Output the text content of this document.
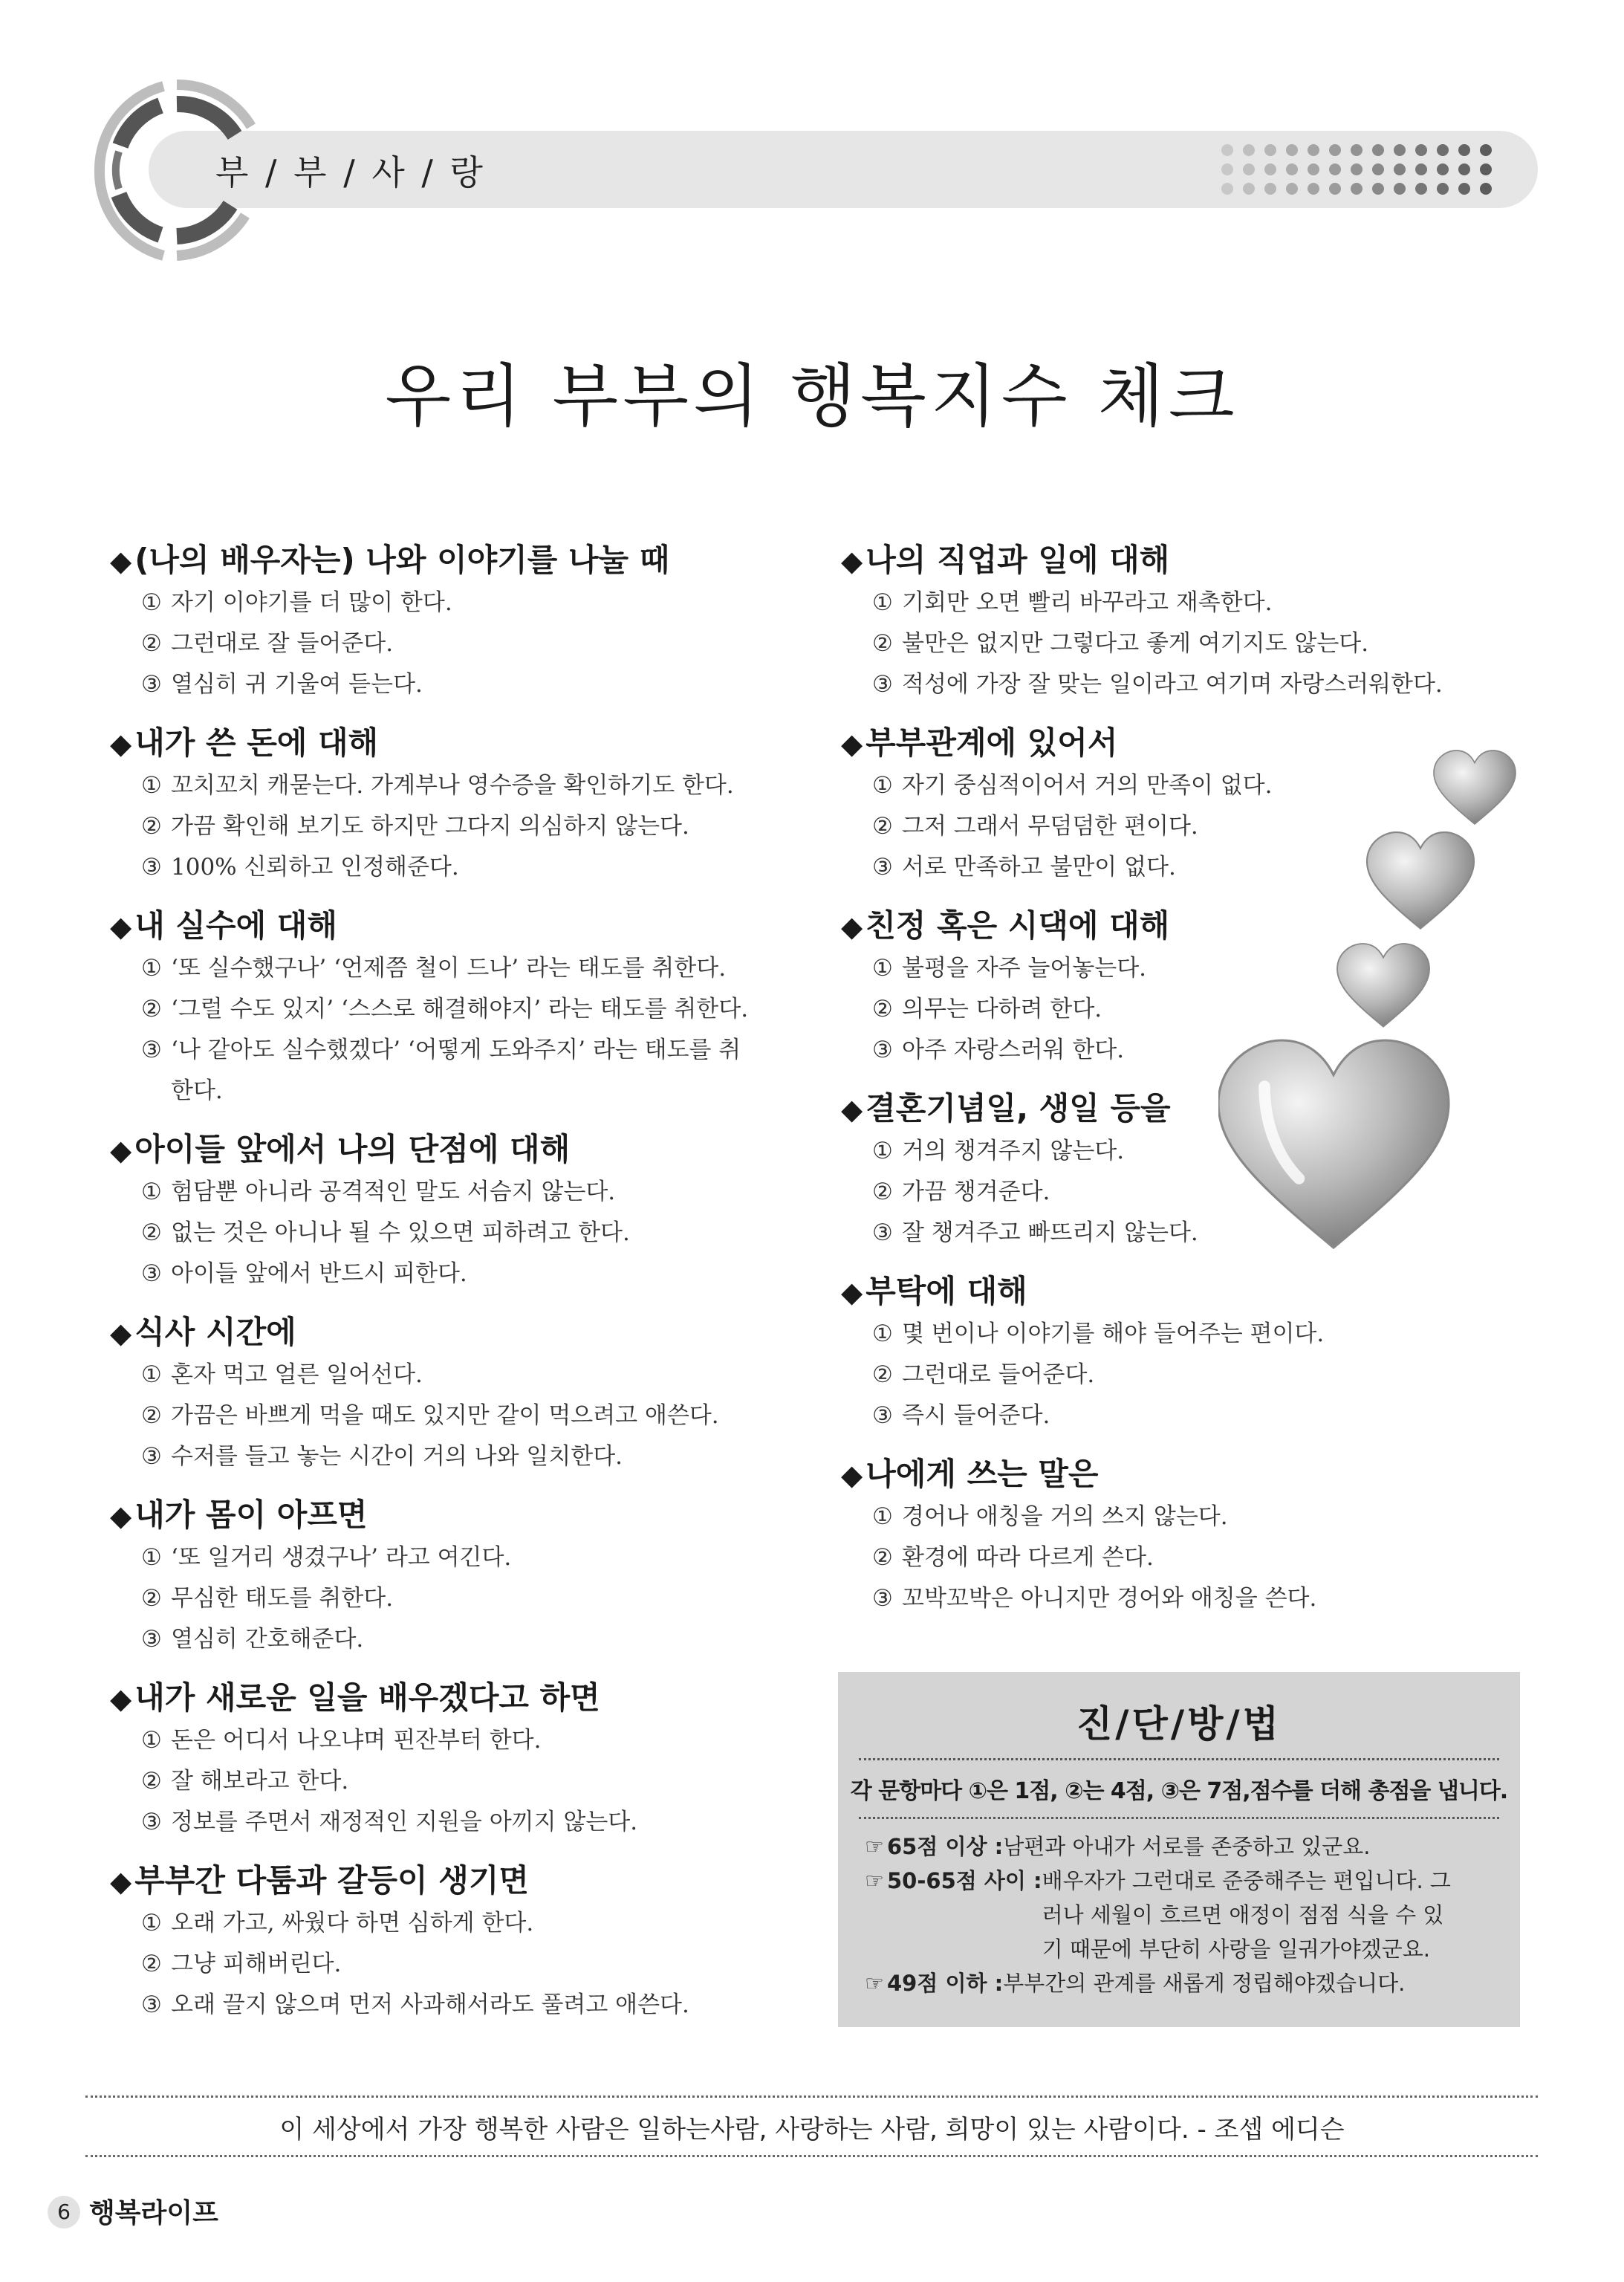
부 / 부 / 사 / 랑
우리 부부의 행복지수 체크
◆ (나의 배우자는) 나와 이야기를 나눌 때
① 자기 이야기를 더 많이 한다.
② 그런대로 잘 들어준다.
③ 열심히 귀 기울여 듣는다.
◆ 내가 쓴 돈에 대해
① 꼬치꼬치 캐묻는다. 가계부나 영수증을 확인하기도 한다.
② 가끔 확인해 보기도 하지만 그다지 의심하지 않는다.
③ 100% 신뢰하고 인정해준다.
◆ 내 실수에 대해
① ‘또 실수했구나’ ‘언제쯤 철이 드나’ 라는 태도를 취한다.
② ‘그럴 수도 있지’ ‘스스로 해결해야지’ 라는 태도를 취한다.
③ ‘나 같아도 실수했겠다’ ‘어떻게 도와주지’ 라는 태도를 취
한다.
◆ 아이들 앞에서 나의 단점에 대해
① 험담뿐 아니라 공격적인 말도 서슴지 않는다.
② 없는 것은 아니나 될 수 있으면 피하려고 한다.
③ 아이들 앞에서 반드시 피한다.
◆ 식사 시간에
① 혼자 먹고 얼른 일어선다.
② 가끔은 바쁘게 먹을 때도 있지만 같이 먹으려고 애쓴다.
③ 수저를 들고 놓는 시간이 거의 나와 일치한다.
◆ 내가 몸이 아프면
① ‘또 일거리 생겼구나’ 라고 여긴다.
② 무심한 태도를 취한다.
③ 열심히 간호해준다.
◆ 내가 새로운 일을 배우겠다고 하면
① 돈은 어디서 나오냐며 핀잔부터 한다.
② 잘 해보라고 한다.
③ 정보를 주면서 재정적인 지원을 아끼지 않는다.
◆ 부부간 다툼과 갈등이 생기면
① 오래 가고, 싸웠다 하면 심하게 한다.
② 그냥 피해버린다.
③ 오래 끌지 않으며 먼저 사과해서라도 풀려고 애쓴다.
◆ 나의 직업과 일에 대해
① 기회만 오면 빨리 바꾸라고 재촉한다.
② 불만은 없지만 그렇다고 좋게 여기지도 않는다.
③ 적성에 가장 잘 맞는 일이라고 여기며 자랑스러워한다.
◆ 부부관계에 있어서
① 자기 중심적이어서 거의 만족이 없다.
② 그저 그래서 무덤덤한 편이다.
③ 서로 만족하고 불만이 없다.
◆ 친정 혹은 시댁에 대해
① 불평을 자주 늘어놓는다.
② 의무는 다하려 한다.
③ 아주 자랑스러워 한다.
◆ 결혼기념일, 생일 등을
① 거의 챙겨주지 않는다.
② 가끔 챙겨준다.
③ 잘 챙겨주고 빠뜨리지 않는다.
◆ 부탁에 대해
① 몇 번이나 이야기를 해야 들어주는 편이다.
② 그런대로 들어준다.
③ 즉시 들어준다.
◆ 나에게 쓰는 말은
① 경어나 애칭을 거의 쓰지 않는다.
② 환경에 따라 다르게 쓴다.
③ 꼬박꼬박은 아니지만 경어와 애칭을 쓴다.
진/단/방/법
각 문항마다 ①은 1점, ②는 4점, ③은 7점,점수를 더해 총점을 냅니다.
☞ 65점 이상 : 남편과 아내가 서로를 존중하고 있군요.
☞ 50-65점 사이 : 배우자가 그런대로 준중해주는 편입니다. 그러나 세월이 흐르면 애정이 점점 식을 수 있기 때문에 부단히 사랑을 일궈가야겠군요.
☞ 49점 이하 : 부부간의 관계를 새롭게 정립해야겠습니다.
이 세상에서 가장 행복한 사람은 일하는사람, 사랑하는 사람, 희망이 있는 사람이다. - 조셉 에디슨
6 행복라이프
